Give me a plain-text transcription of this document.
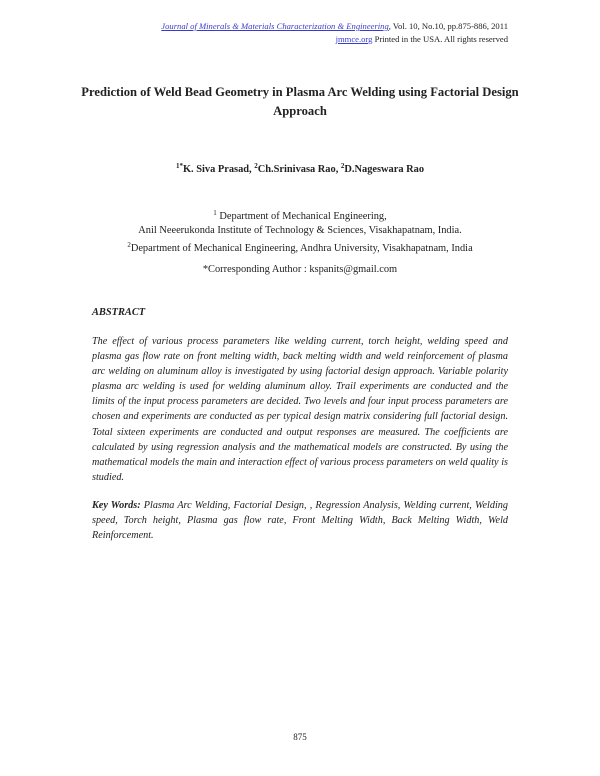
Journal of Minerals & Materials Characterization & Engineering, Vol. 10, No.10, pp.875-886, 2011
jmmce.org Printed in the USA. All rights reserved
Prediction of Weld Bead Geometry in Plasma Arc Welding using Factorial Design Approach
$^{1*}$K. Siva Prasad, $^2$Ch.Srinivasa Rao, $^2$D.Nageswara Rao
$^1$ Department of Mechanical Engineering,
Anil Neeerukonda Institute of Technology & Sciences, Visakhapatnam, India.
$^2$Department of Mechanical Engineering, Andhra University, Visakhapatnam, India
*Corresponding Author : kspanits@gmail.com
ABSTRACT
The effect of various process parameters like welding current, torch height, welding speed and plasma gas flow rate on front melting width, back melting width and weld reinforcement of plasma arc welding on aluminum alloy is investigated by using factorial design approach. Variable polarity plasma arc welding is used for welding aluminum alloy. Trail experiments are conducted and the limits of the input process parameters are decided. Two levels and four input process parameters are chosen and experiments are conducted as per typical design matrix considering full factorial design. Total sixteen experiments are conducted and output responses are measured. The coefficients are calculated by using regression analysis and the mathematical models are constructed. By using the mathematical models the main and interaction effect of various process parameters on weld quality is studied.
Key Words: Plasma Arc Welding, Factorial Design, , Regression Analysis, Welding current, Welding speed, Torch height, Plasma gas flow rate, Front Melting Width, Back Melting Width, Weld Reinforcement.
875
